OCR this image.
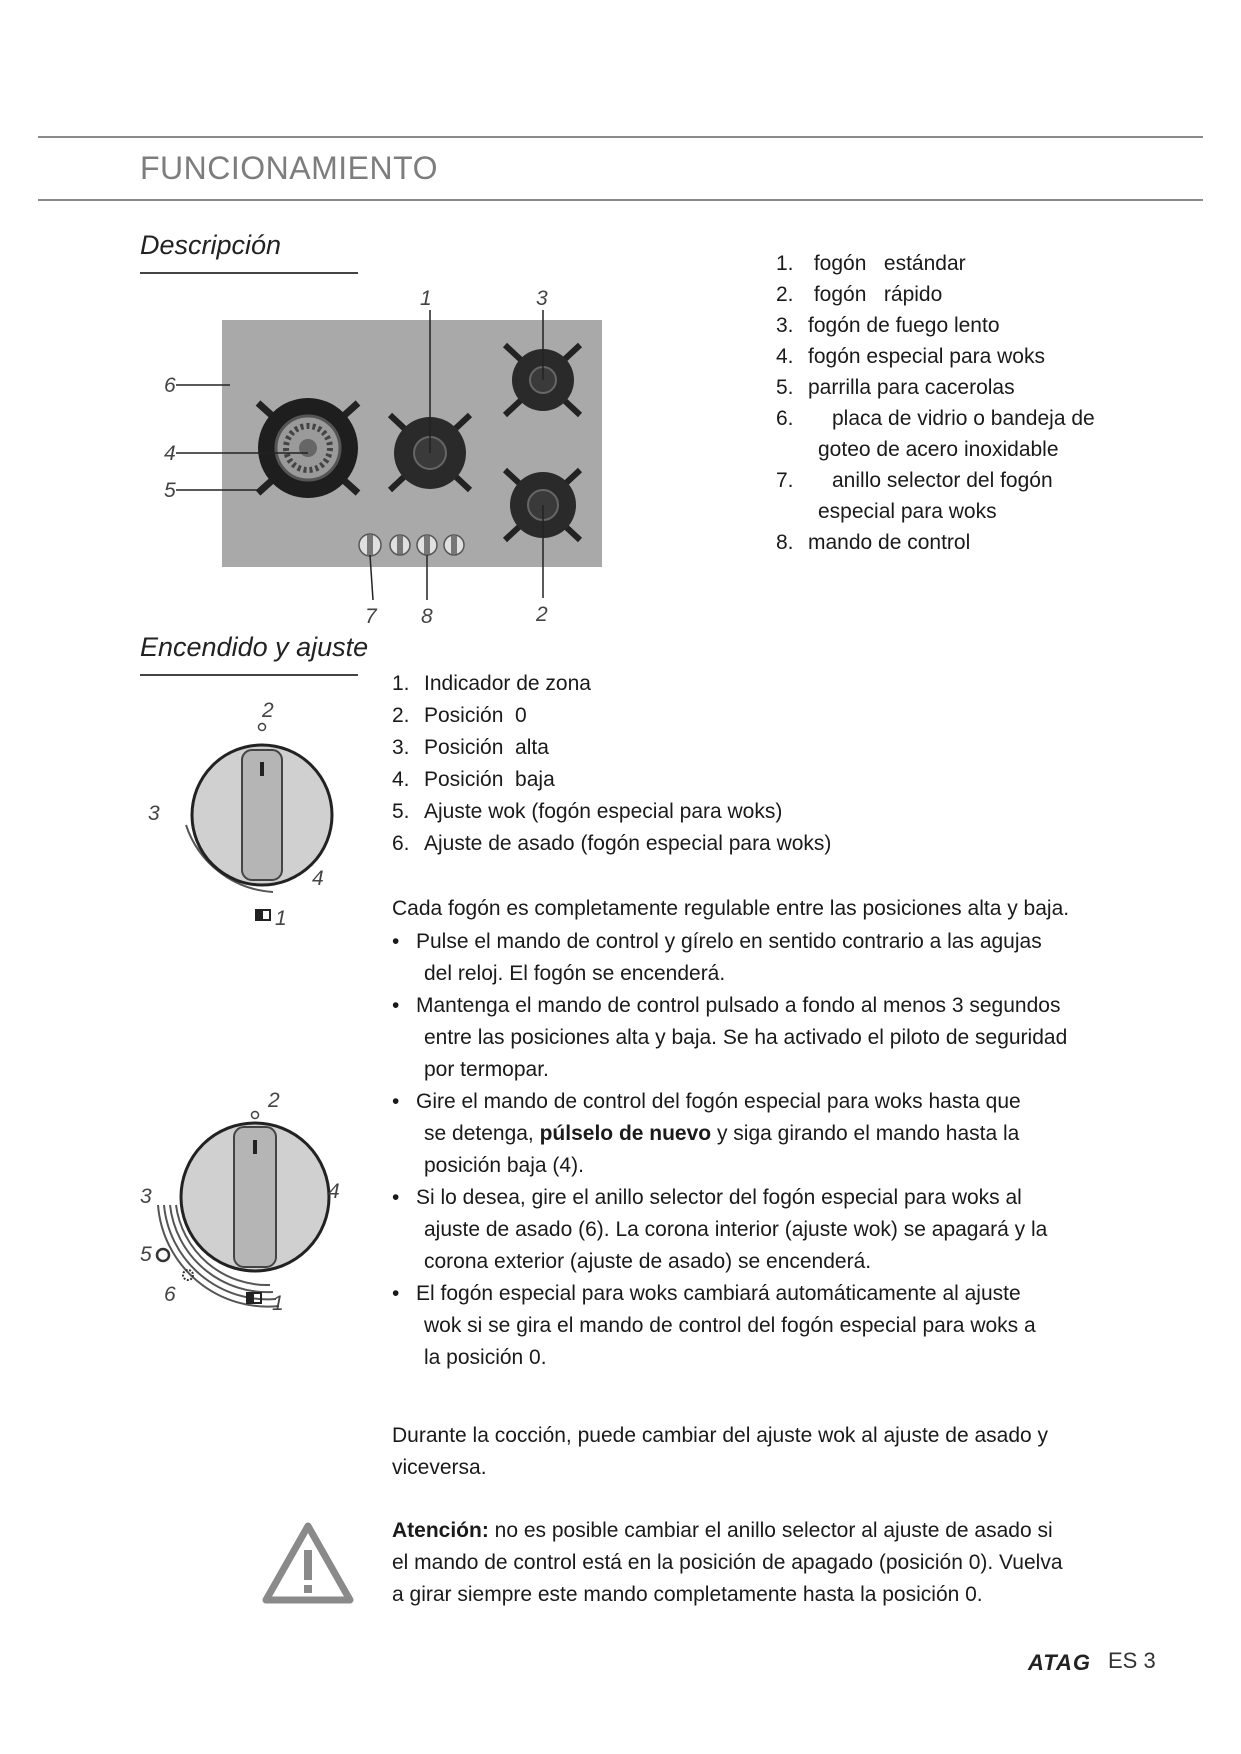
FUNCIONAMIENTO
Descripción
1	3
6
4
5
7 8	2
1. fogón   estándar
2. fogón   rápido
3. fogón de fuego lento
4. fogón especial para woks
5. parrilla para cacerolas
6. placa de vidrio o bandeja de
goteo de acero inoxidable
7. anillo selector del fogón
especial para woks
8. mando de control
Encendido y ajuste
1. Indicador de zona
2. Posición  0
3. Posición  alta
4. Posición  baja
5. Ajuste wok (fogón especial para woks)
6. Ajuste de asado (fogón especial para woks)
2
3
4
1
2
3	4
5
6	1
Cada fogón es completamente regulable entre las posiciones alta y baja.
• Pulse el mando de control y gírelo en sentido contrario a las agujas
del reloj. El fogón se encenderá.
• Mantenga el mando de control pulsado a fondo al menos 3 segundos
entre las posiciones alta y baja. Se ha activado el piloto de seguridad
por termopar.
• Gire el mando de control del fogón especial para woks hasta que
se detenga, púlselo de nuevo y siga girando el mando hasta la
posición baja (4).
• Si lo desea, gire el anillo selector del fogón especial para woks al
ajuste de asado (6). La corona interior (ajuste wok) se apagará y la
corona exterior (ajuste de asado) se encenderá.
• El fogón especial para woks cambiará automáticamente al ajuste
wok si se gira el mando de control del fogón especial para woks a
la posición 0.
Durante la cocción, puede cambiar del ajuste wok al ajuste de asado y
viceversa.
Atención: no es posible cambiar el anillo selector al ajuste de asado si
el mando de control está en la posición de apagado (posición 0). Vuelva
a girar siempre este mando completamente hasta la posición 0.
ATAG ES 3
